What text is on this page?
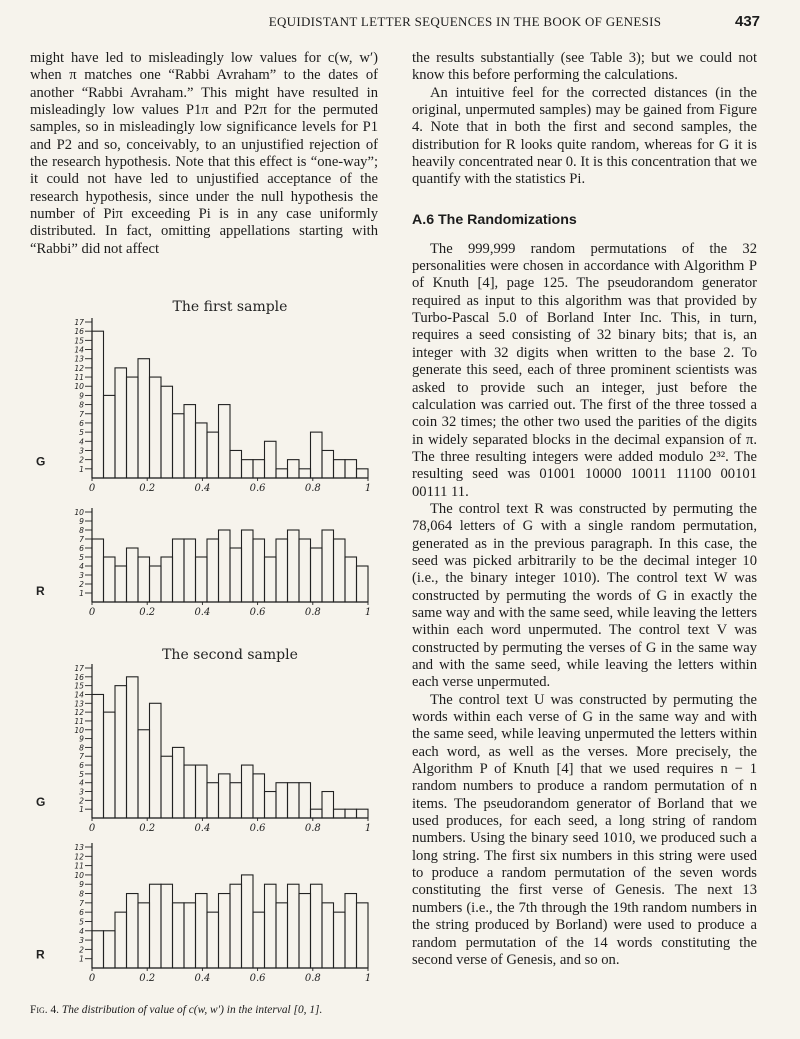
EQUIDISTANT LETTER SEQUENCES IN THE BOOK OF GENESIS	437

might have led to misleadingly low values for c(w, w′) when π matches one “Rabbi Avraham” to the dates of another “Rabbi Avraham.” This might have resulted in misleadingly low values P1π and P2π for the permuted samples, so in misleadingly low significance levels for P1 and P2 and so, conceivably, to an unjustified rejection of the research hypothesis. Note that this effect is “one-way”; it could not have led to unjustified acceptance of the research hypothesis, since under the null hypothesis the number of Piπ exceeding Pi is in any case uniformly distributed. In fact, omitting appellations starting with “Rabbi” did not affect

the results substantially (see Table 3); but we could not know this before performing the calculations.

An intuitive feel for the corrected distances (in the original, unpermuted samples) may be gained from Figure 4. Note that in both the first and second samples, the distribution for R looks quite random, whereas for G it is heavily concentrated near 0. It is this concentration that we quantify with the statistics Pi.

A.6 The Randomizations

The 999,999 random permutations of the 32 personalities were chosen in accordance with Algorithm P of Knuth [4], page 125. The pseudorandom generator required as input to this algorithm was that provided by Turbo-Pascal 5.0 of Borland Inter Inc. This, in turn, requires a seed consisting of 32 binary bits; that is, an integer with 32 digits when written to the base 2. To generate this seed, each of three prominent scientists was asked to provide such an integer, just before the calculation was carried out. The first of the three tossed a coin 32 times; the other two used the parities of the digits in widely separated blocks in the decimal expansion of π. The three resulting integers were added modulo 2³². The resulting seed was 01001 10000 10011 11100 00101 00111 11.

The control text R was constructed by permuting the 78,064 letters of G with a single random permutation, generated as in the previous paragraph. In this case, the seed was picked arbitrarily to be the decimal integer 10 (i.e., the binary integer 1010). The control text W was constructed by permuting the words of G in exactly the same way and with the same seed, while leaving the letters within each word unpermuted. The control text V was constructed by permuting the verses of G in the same way and with the same seed, while leaving the letters within each verse unpermuted.

The control text U was constructed by permuting the words within each verse of G in the same way and with the same seed, while leaving unpermuted the letters within each word, as well as the verses. More precisely, the Algorithm P of Knuth [4] that we used requires n − 1 random numbers to produce a random permutation of n items. The pseudorandom generator of Borland that we used produces, for each seed, a long string of random numbers. Using the binary seed 1010, we produced such a long string. The first six numbers in this string were used to produce a random permutation of the seven words constituting the first verse of Genesis. The next 13 numbers (i.e., the 7th through the 19th random numbers in the string produced by Borland) were used to produce a random permutation of the 14 words constituting the second verse of Genesis, and so on.

1
2
3
4
5
6
7
8
9
10
11
12
13
14
15
16
17
0	0.2	0.4	0.6	0.8	1
G
The first sample
1
2
3
4
5
6
7
8
9
10
0	0.2	0.4	0.6	0.8	1
R
1
2
3
4
5
6
7
8
9
10
11
12
13
14
15
16
17
0	0.2	0.4	0.6	0.8	1
G
The second sample
1
2
3
4
5
6
7
8
9
10
11
12
13
0	0.2	0.4	0.6	0.8	1
R
Fig. 4. The distribution of value of c(w, w′) in the interval [0, 1].
